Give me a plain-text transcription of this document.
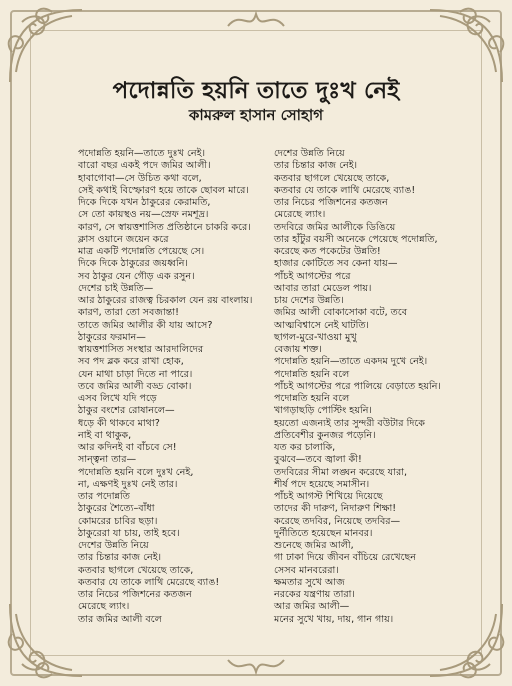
পদোন্নতি হয়নি তাতে দুঃখ নেই
কামরুল হাসান সোহাগ
পদোন্নতি হয়নি—তাতে দুঃখ নেই।
বারো বছর একই পদে জমির আলী।
হাবাগোবা—সে উচিত কথা বলে,
সেই কথাই বিস্ফোরণ হয়ে তাকে ছোবল মারে।
দিকে দিকে যখন ঠাকুরের কেরামতি,
সে তো কায়স্থও নয়—স্রেফ নমশূদ্র।
কারণ, সে স্বায়ত্তশাসিত প্রতিষ্ঠানে চাকরি করে।
ক্লাস ওয়ানে জয়েন করে
মাত্র একটি পদোন্নতি পেয়েছে সে।
দিকে দিকে ঠাকুরের জয়ধ্বনি।
সব ঠাকুর যেন গৌড় এক রসুন।
দেশের চাই উন্নতি—
আর ঠাকুরের রাজত্ব চিরকাল যেন রয় বাংলায়।
কারণ, তারা তো সবজান্তা!
তাতে জমির আলীর কী যায় আসে?
ঠাকুরের ফরমান—
স্বায়ত্তশাসিত সংস্থার আরদালিদের
সব পদ ব্লক করে রাখা হোক,
যেন মাথা চাড়া দিতে না পারে।
তবে জমির আলী বড্ড বোকা।
এসব লিখে যদি পড়ে
ঠাকুর বংশের রোষানলে—
ধড়ে কী থাকবে মাথা?
নাই বা থাকুক,
আর কদিনই বা বাঁচবে সে!
সান্ত্বনা তার—
পদোন্নতি হয়নি বলে দুঃখ নেই,
না, এক্ষণই দুঃখ নেই তার।
তার পদোন্নতি
ঠাকুরের শৈত্যে–বাঁধা
কোমরের চাবির ছড়া।
ঠাকুরেরা যা চায়, তাই হবে।
দেশের উন্নতি নিয়ে
তার চিন্তার কাজ নেই।
কতবার ছাগলে খেয়েছে তাকে,
কতবার যে তাকে লাথি মেরেছে ব্যাঙ!
তার নিচের পজিশনের কতজন
মেরেছে ল্যাং।
তার জমির আলী বলে
দেশের উন্নতি নিয়ে
তার চিন্তার কাজ নেই।
কতবার ছাগলে খেয়েছে তাকে,
কতবার যে তাকে লাথি মেরেছে ব্যাঙ!
তার নিচের পজিশনের কতজন
মেরেছে ল্যাং।
তদবিরে জমির আলীকে ডিঙিয়ে
তার হাঁটুর বয়সী অনেকে পেয়েছে পদোন্নতি,
করেছে কত পকেটের উন্নতি!
হাজার কোটিতে সব কেনা যায়—
পাঁচই আগস্টের পরে
আবার তারা মেডেল পায়।
চায় দেশের উন্নতি।
জমির আলী বোকাসোকা বটে, তবে
আত্মবিশ্বাসে নেই ঘাটতি।
ছাগল-মুরে-খাওয়া মুখু
বেজায় শক্ত।
পদোন্নতি হয়নি—তাতে একদম দুখে নেই।
পদোন্নতি হয়নি বলে
পাঁচই আগস্টের পরে পালিয়ে বেড়াতে হয়নি।
পদোন্নতি হয়নি বলে
খাগড়াছড়ি পোস্টিং হয়নি।
হয়তো এজন্যই তার সুন্দরী বউটার দিকে
প্রতিবেশীর কুনজর পড়েনি।
যত কর চালাকি,
বুঝবে—তবে জ্বালা কী!
তদবিরের সীমা লঙ্ঘন করেছে যারা,
শীর্ষ পদে হয়েছে সমাসীন।
পাঁচই আগস্ট শিখিয়ে দিয়েছে
তাদের কী দারুণ, নিদারুণ শিক্ষা!
করেছে তদবির, নিয়েছে তদবির—
দুর্নীতিতে হয়েছেন মানবর।
শুনেছে জমির আলী,
গা ঢাকা দিয়ে জীবন বাঁচিয়ে রেখেছেন
সেসব মানবরেরা।
ক্ষমতার সুখে আজ
নরকের যন্ত্রণায় তারা।
আর জমির আলী—
মনের সুখে খায়, দায়, গান গায়।
